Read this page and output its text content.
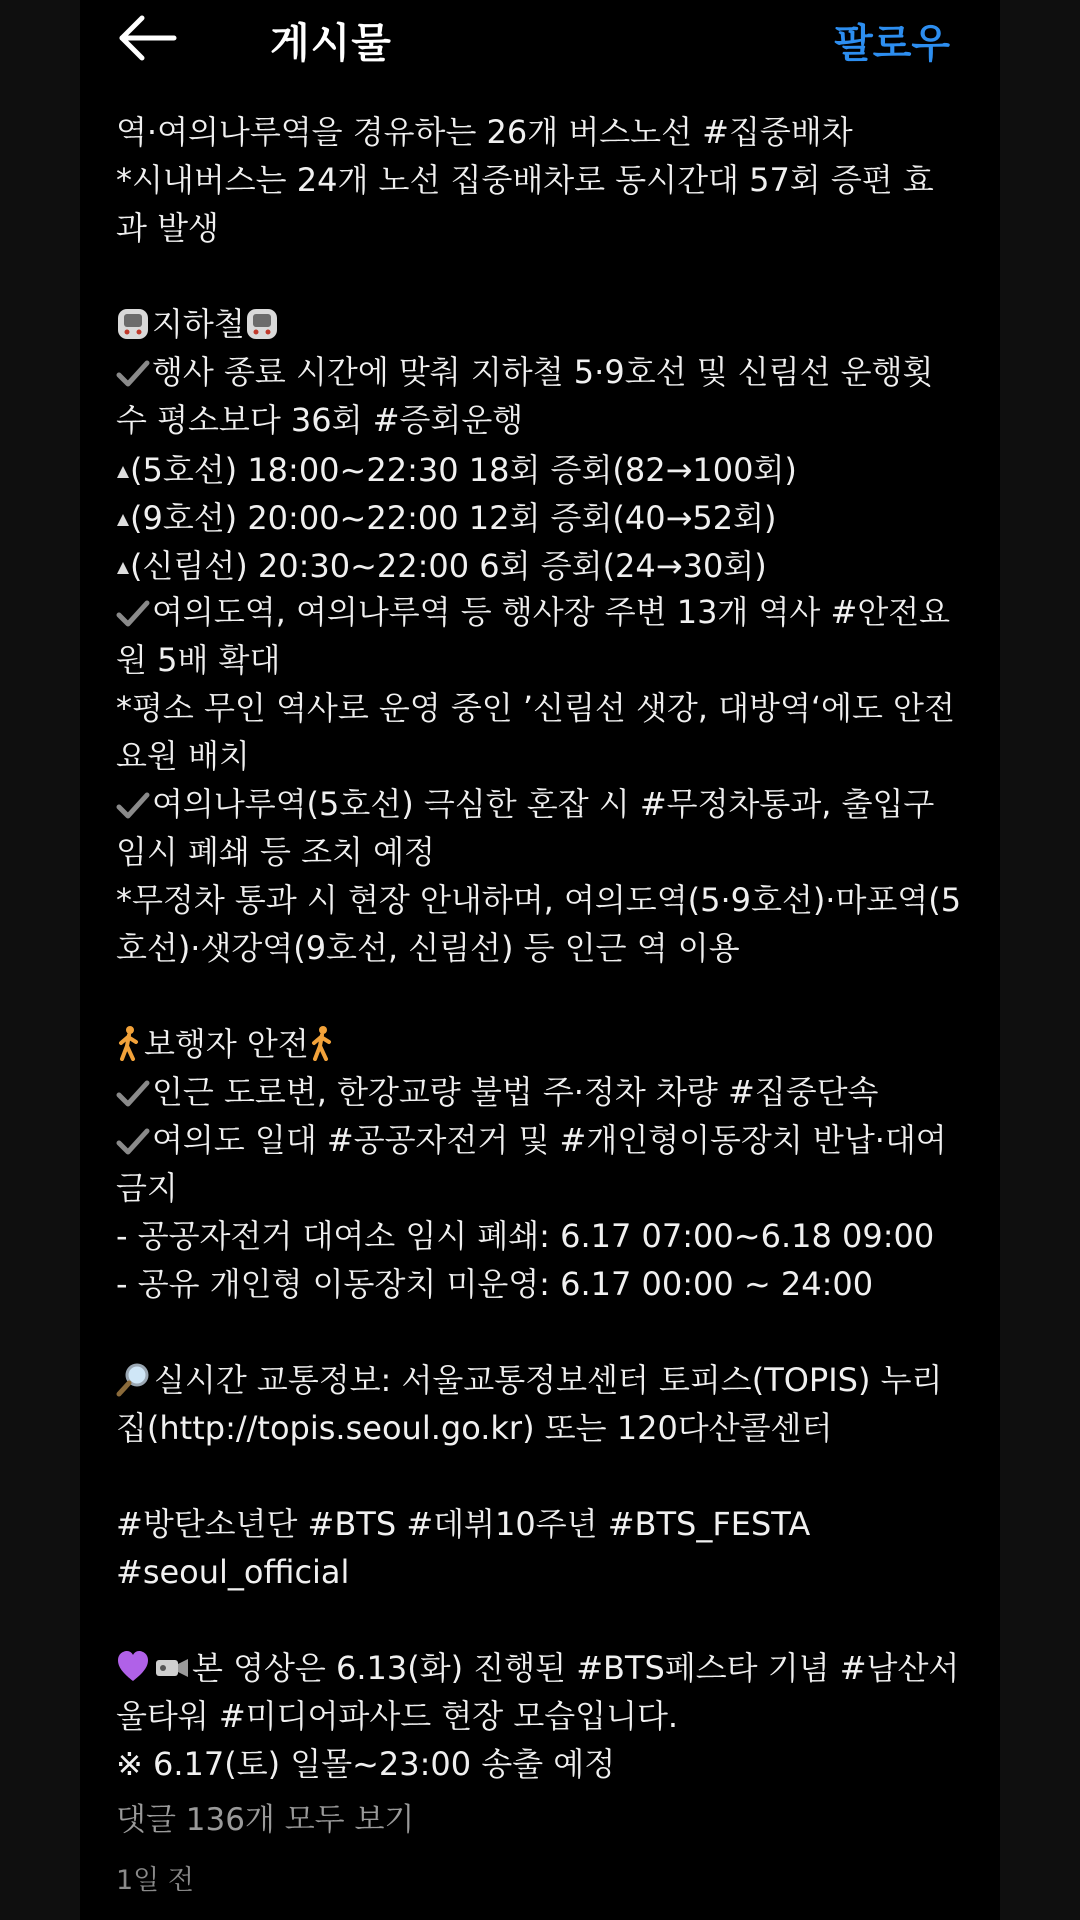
게시물	팔로우
역·여의나루역을 경유하는 26개 버스노선 #집중배차
*시내버스는 24개 노선 집중배차로 동시간대 57회 증편 효
과 발생
지하철
행사 종료 시간에 맞춰 지하철 5·9호선 및 신림선 운행횟
수 평소보다 36회 #증회운행
(5호선) 18:00~22:30 18회 증회(82→100회)
(9호선) 20:00~22:00 12회 증회(40→52회)
(신림선) 20:30~22:00 6회 증회(24→30회)
여의도역, 여의나루역 등 행사장 주변 13개 역사 #안전요
원 5배 확대
*평소 무인 역사로 운영 중인 ’신림선 샛강, 대방역‘에도 안전
요원 배치
여의나루역(5호선) 극심한 혼잡 시 #무정차통과, 출입구
임시 폐쇄 등 조치 예정
*무정차 통과 시 현장 안내하며, 여의도역(5·9호선)·마포역(5
호선)·샛강역(9호선, 신림선) 등 인근 역 이용
보행자 안전
인근 도로변, 한강교량 불법 주·정차 차량 #집중단속
여의도 일대 #공공자전거 및 #개인형이동장치 반납·대여
금지
- 공공자전거 대여소 임시 폐쇄: 6.17 07:00~6.18 09:00
- 공유 개인형 이동장치 미운영: 6.17 00:00 ~ 24:00
실시간 교통정보: 서울교통정보센터 토피스(TOPIS) 누리
집(http://topis.seoul.go.kr) 또는 120다산콜센터
#방탄소년단 #BTS #데뷔10주년 #BTS_FESTA
#seoul_official
본 영상은 6.13(화) 진행된 #BTS페스타 기념 #남산서
울타워 #미디어파사드 현장 모습입니다.
※ 6.17(토) 일몰~23:00 송출 예정
댓글 136개 모두 보기
1일 전
